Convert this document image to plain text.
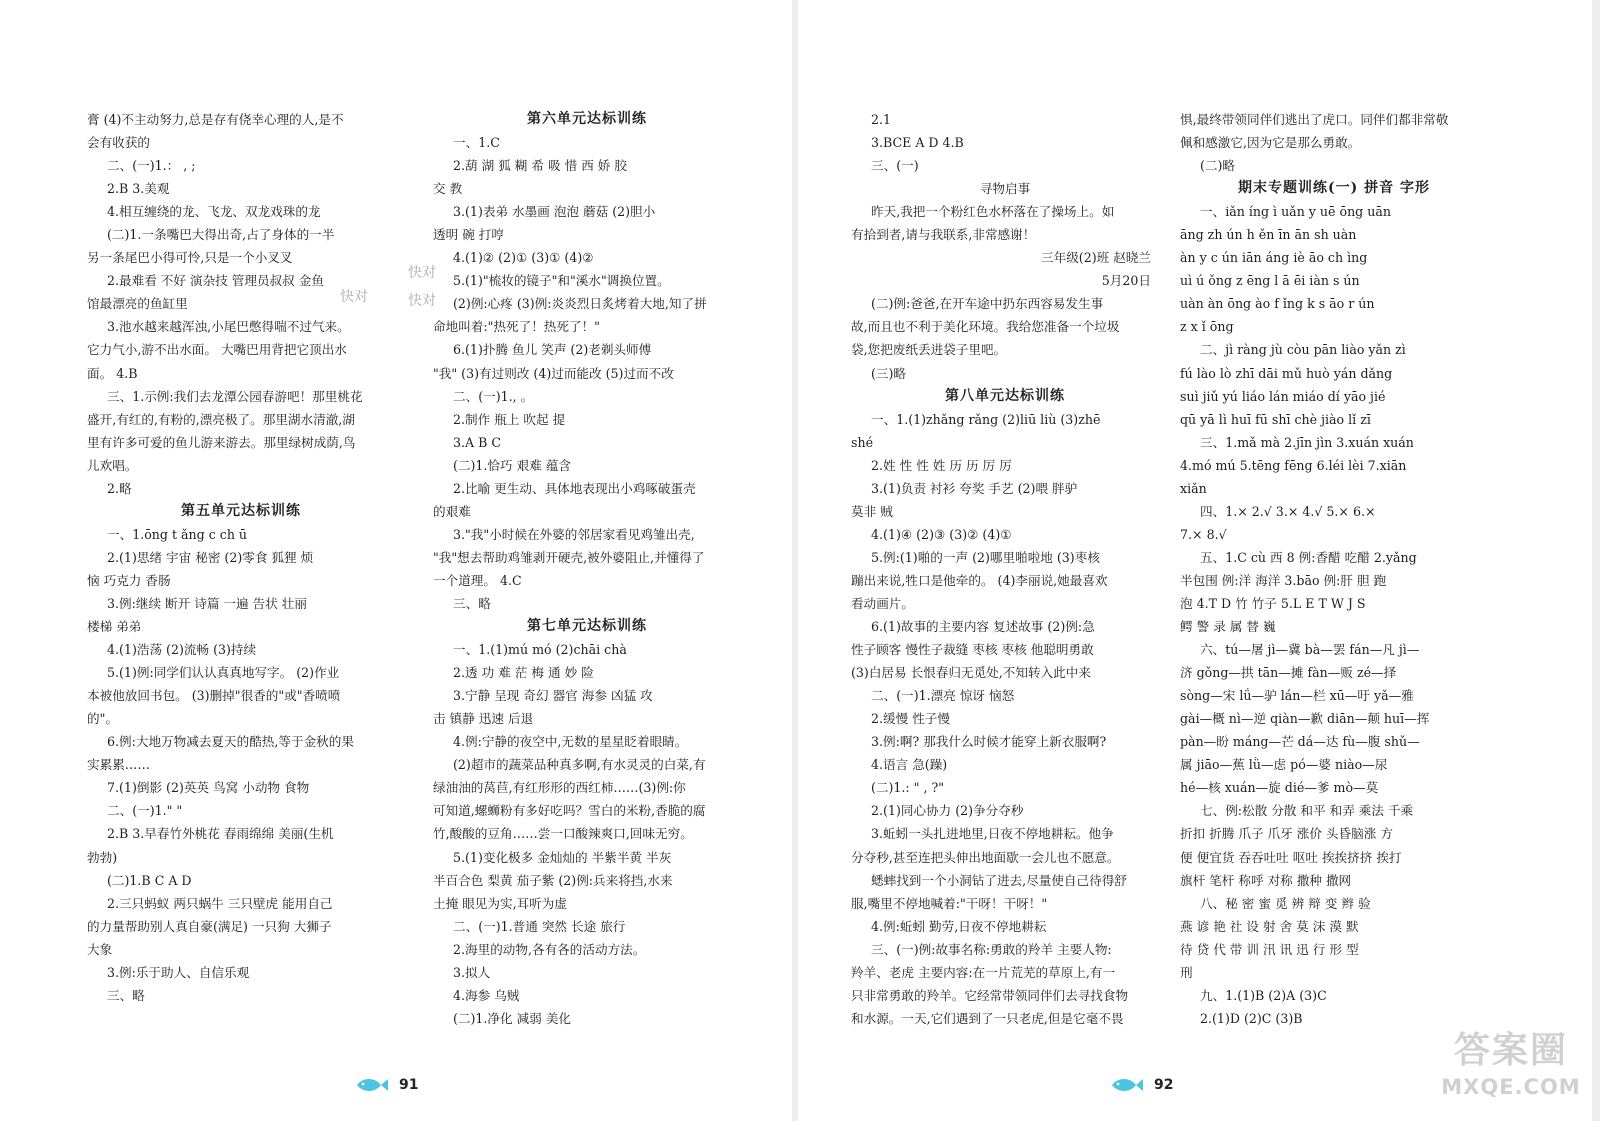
膏 (4)不主动努力,总是存有侥幸心理的人,是不
会有收获的
二、(一)1.： , ;
2.B 3.美观
4.相互缠绕的龙、飞龙、双龙戏珠的龙
(二)1.一条嘴巴大得出奇,占了身体的一半
另一条尾巴小得可怜,只是一个小叉叉
2.最难看 不好 演杂技 管理员叔叔 金鱼
馆最漂亮的鱼缸里
3.池水越来越浑浊,小尾巴憋得喘不过气来。
它力气小,游不出水面。 大嘴巴用背把它顶出水
面。 4.B
三、1.示例:我们去龙潭公园春游吧！那里桃花
盛开,有红的,有粉的,漂亮极了。那里湖水清澈,湖
里有许多可爱的鱼儿游来游去。那里绿树成荫,鸟
儿欢唱。
2.略
第五单元达标训练
一、1.ōng t ǎng c ch ū
2.(1)思绪 宇宙 秘密 (2)零食 狐狸 烦
恼 巧克力 香肠
3.例:继续 断开 诗篇 一遍 告状 壮丽
楼梯 弟弟
4.(1)浩荡 (2)流畅 (3)持续
5.(1)例:同学们认认真真地写字。 (2)作业
本被他放回书包。 (3)删掉"很香的"或"香喷喷
的"。
6.例:大地万物减去夏天的酷热,等于金秋的果
实累累……
7.(1)倒影 (2)英英 鸟窝 小动物 食物
二、(一)1." "
2.B 3.早春竹外桃花 春雨绵绵 美丽(生机
勃勃)
(二)1.B C A D
2.三只蚂蚁 两只蜗牛 三只壁虎 能用自己
的力量帮助别人真自豪(满足) 一只狗 大狮子
大象
3.例:乐于助人、自信乐观
三、略
第六单元达标训练
一、1.C
2.葫 湖 狐 糊 希 吸 惜 西 娇 胶
交 教
3.(1)表弟 水墨画 泡泡 蘑菇 (2)胆小
透明 碗 打哼
4.(1)② (2)① (3)① (4)②
5.(1)"梳妆的镜子"和"溪水"调换位置。
(2)例:心疼 (3)例:炎炎烈日炙烤着大地,知了拼
命地叫着:"热死了！热死了！"
6.(1)扑腾 鱼儿 笑声 (2)老剃头师傅
"我" (3)有过则改 (4)过而能改 (5)过而不改
二、(一)1., 。
2.制作 瓶上 吹起 提
3.A B C
(二)1.恰巧 艰难 蕴含
2.比喻 更生动、具体地表现出小鸡啄破蛋壳
的艰难
3."我"小时候在外婆的邻居家看见鸡雏出壳,
"我"想去帮助鸡雏剥开硬壳,被外婆阻止,并懂得了
一个道理。 4.C
三、略
第七单元达标训练
一、1.(1)mú mó (2)chāi chà
2.透 功 难 茫 梅 通 妙 险
3.宁静 呈现 奇幻 器官 海参 凶猛 攻
击 镇静 迅速 后退
4.例:宁静的夜空中,无数的星星眨着眼睛。
(2)超市的蔬菜品种真多啊,有水灵灵的白菜,有
绿油油的莴苣,有红形形的西红柿……(3)例:你
可知道,螺蛳粉有多好吃吗？雪白的米粉,香脆的腐
竹,酸酸的豆角……尝一口酸辣爽口,回味无穷。
5.(1)变化极多 金灿灿的 半紫半黄 半灰
半百合色 梨黄 茄子紫 (2)例:兵来将挡,水来
土掩 眼见为实,耳听为虚
二、(一)1.普通 突然 长途 旅行
2.海里的动物,各有各的活动方法。
3.拟人
4.海参 乌贼
(二)1.净化 减弱 美化
2.1
3.BCE A D 4.B
三、(一)
寻物启事
昨天,我把一个粉红色水杯落在了操场上。如
有拾到者,请与我联系,非常感谢！
三年级(2)班 赵晓兰
5月20日
(二)例:爸爸,在开车途中扔东西容易发生事
故,而且也不利于美化环境。我给您准备一个垃圾
袋,您把废纸丢进袋子里吧。
(三)略
第八单元达标训练
一、1.(1)zhǎng rǎng (2)liū liù (3)zhē
shé
2.姓 性 性 姓 历 历 厉 厉
3.(1)负责 衬衫 夸奖 手艺 (2)喂 胖驴
莫非 贼
4.(1)④ (2)③ (3)② (4)①
5.例:(1)啪的一声 (2)哪里啪啦地 (3)枣核
蹦出来说,牲口是他牵的。 (4)李丽说,她最喜欢
看动画片。
6.(1)故事的主要内容 复述故事 (2)例:急
性子顾客 慢性子裁缝 枣核 枣核 他聪明勇敢
(3)白居易 长恨春归无觅处,不知转入此中来
二、(一)1.漂亮 惊讶 恼怒
2.缓慢 性子慢
3.例:啊? 那我什么时候才能穿上新衣服啊?
4.语言 急(躁)
(二)1.: " , ?"
2.(1)同心协力 (2)争分夺秒
3.蚯蚓一头扎进地里,日夜不停地耕耘。他争
分夺秒,甚至连把头伸出地面歇一会儿也不愿意。
蟋蟀找到一个小洞钻了进去,尽量使自己待得舒
服,嘴里不停地喊着:"干呀！干呀！"
4.例:蚯蚓 勤劳,日夜不停地耕耘
三、(一)例:故事名称:勇敢的羚羊 主要人物:
羚羊、老虎 主要内容:在一片荒芜的草原上,有一
只非常勇敢的羚羊。它经常带领同伴们去寻找食物
和水源。一天,它们遇到了一只老虎,但是它毫不畏
惧,最终带领同伴们逃出了虎口。同伴们都非常敬
佩和感激它,因为它是那么勇敢。
(二)略
期末专题训练(一) 拼音 字形
一、iǎn íng ì uǎn y uē ōng uān
āng zh ún h ěn īn ān sh uàn
àn y c ún iān áng iè āo ch ìng
uì ú ǒng z ēng l ā ēi iàn s ún
uàn àn ōng ào f ǐng k s āo r ún
z x ǐ ōng
二、jì ràng jù còu pān liào yǎn zì
fú lào lò zhī dāi mǔ huò yán dǎng
suì jiǔ yú liáo lán miáo dí yāo jié
qū yā lì huī fū shī chè jiào lǐ zī
三、1.mǎ mà 2.jīn jìn 3.xuán xuán
4.mó mú 5.tēng fēng 6.léi lèi 7.xiān
xiǎn
四、1.× 2.√ 3.× 4.√ 5.× 6.×
7.× 8.√
五、1.C cù 西 8 例:香醋 吃醋 2.yǎng
半包围 例:洋 海洋 3.bāo 例:肝 胆 跑
泡 4.T D 竹 竹子 5.L E T W J S
鳄 警 录 属 替 巍
六、tú—屠 jì—冀 bà—罢 fán—凡 jì—
济 gǒng—拱 tān—摊 fàn—贩 zé—择
sòng—宋 lǘ—驴 lán—栏 xū—吁 yǎ—雅
gài—概 nì—逆 qiàn—歉 diān—颠 huī—挥
pàn—盼 máng—芒 dá—达 fù—腹 shǔ—
属 jiāo—蕉 lǜ—虑 pó—婆 niào—尿
hé—核 xuán—旋 dié—爹 mò—莫
七、例:松散 分散 和平 和弄 乘法 千乘
折扣 折腾 爪子 爪牙 涨价 头昏脑涨 方
便 便宜货 吞吞吐吐 呕吐 挨挨挤挤 挨打
旗杆 笔杆 称呼 对称 撒种 撒网
八、秘 密 蜜 觅 辨 辩 变 辫 验
燕 谚 艳 社 设 射 舍 莫 沫 漠 默
待 贷 代 带 训 汛 讯 迅 行 形 型
刑
九、1.(1)B (2)A (3)C
2.(1)D (2)C (3)B
91	92
快对
快对	快对
答案圈
MXQE.COM
